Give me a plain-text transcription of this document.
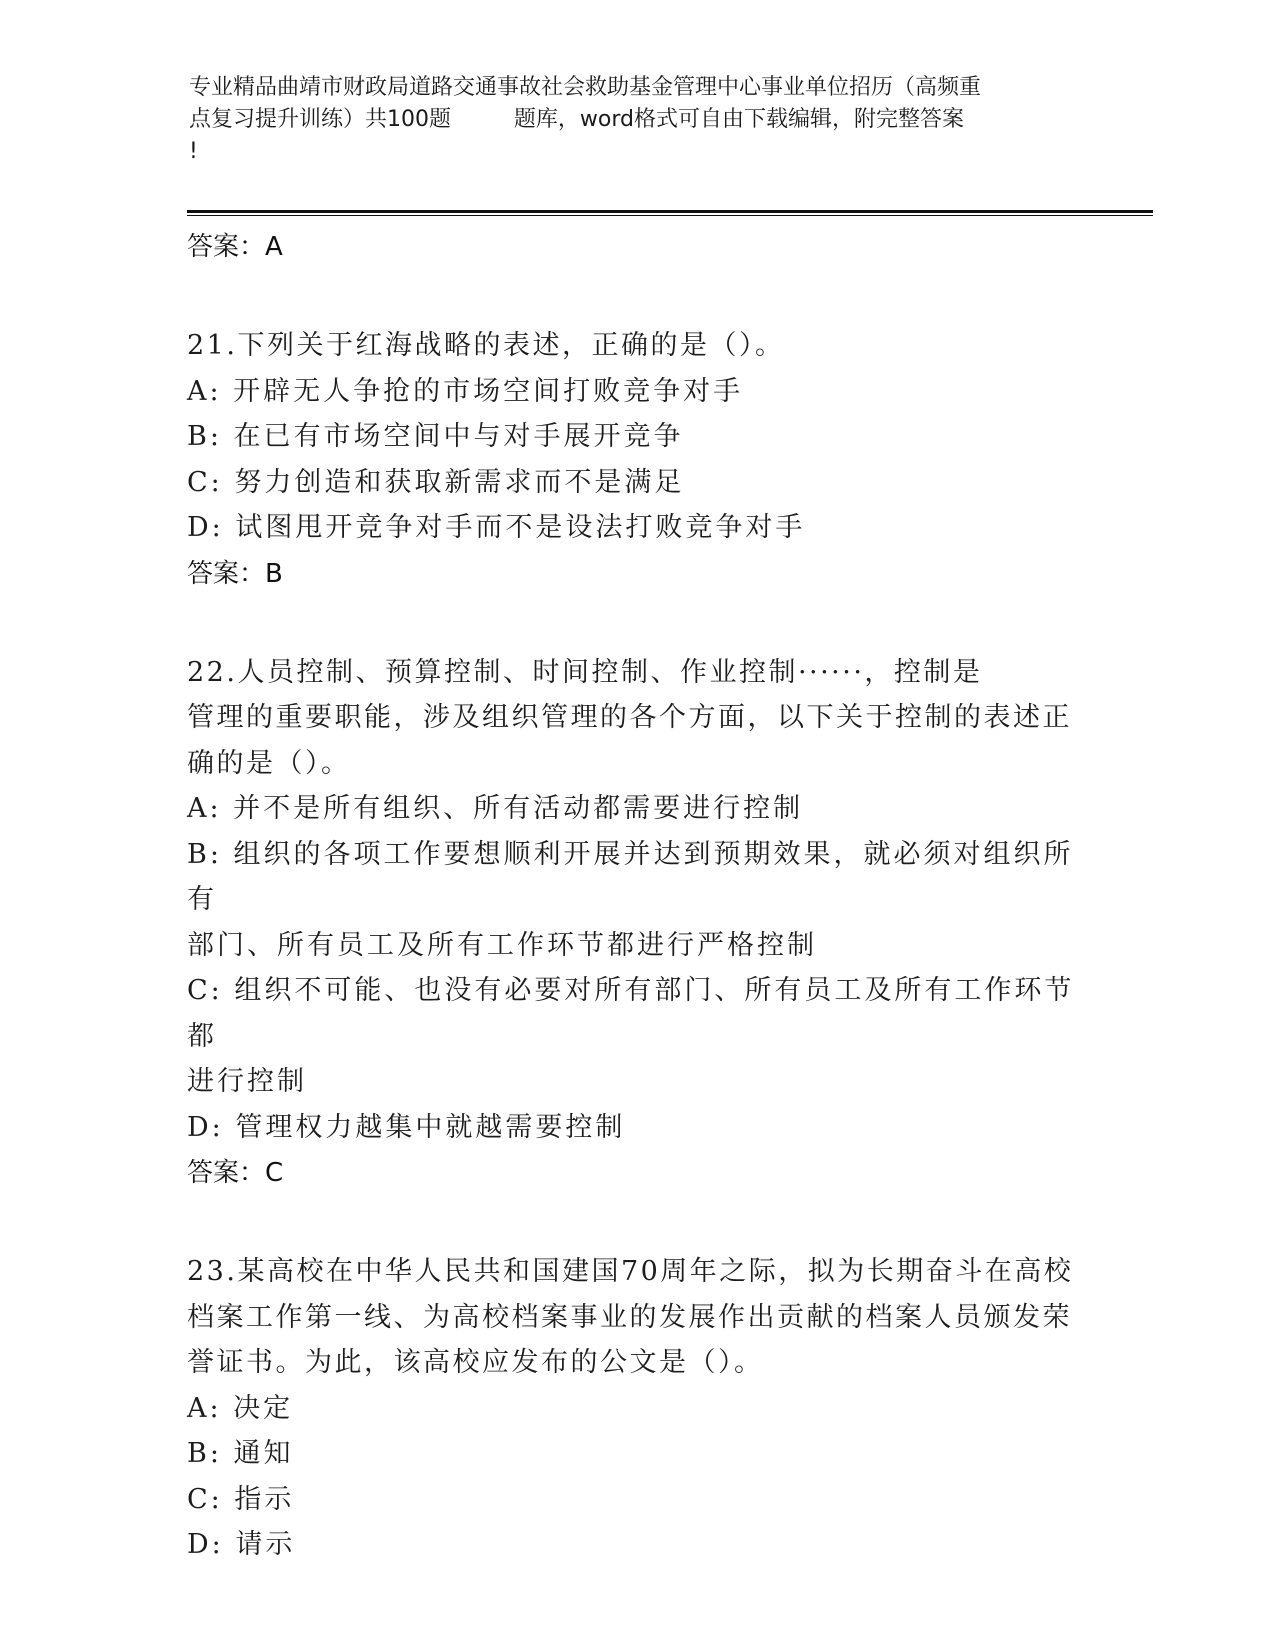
专业精品曲靖市财政局道路交通事故社会救助基金管理中心事业单位招历（高频重
点复习提升训练）共100题         题库，word格式可自由下载编辑，附完整答案
!
答案：A
21.下列关于红海战略的表述，正确的是（）。
A: 开辟无人争抢的市场空间打败竞争对手
B: 在已有市场空间中与对手展开竞争
C: 努力创造和获取新需求而不是满足
D: 试图甩开竞争对手而不是设法打败竞争对手
答案：B
22.人员控制、预算控制、时间控制、作业控制······，控制是
管理的重要职能，涉及组织管理的各个方面，以下关于控制的表述正
确的是（）。
A: 并不是所有组织、所有活动都需要进行控制
B: 组织的各项工作要想顺利开展并达到预期效果，就必须对组织所有
部门、所有员工及所有工作环节都进行严格控制
C: 组织不可能、也没有必要对所有部门、所有员工及所有工作环节都
进行控制
D: 管理权力越集中就越需要控制
答案：C
23.某高校在中华人民共和国建国70周年之际，拟为长期奋斗在高校
档案工作第一线、为高校档案事业的发展作出贡献的档案人员颁发荣
誉证书。为此，该高校应发布的公文是（）。
A: 决定
B: 通知
C: 指示
D: 请示
